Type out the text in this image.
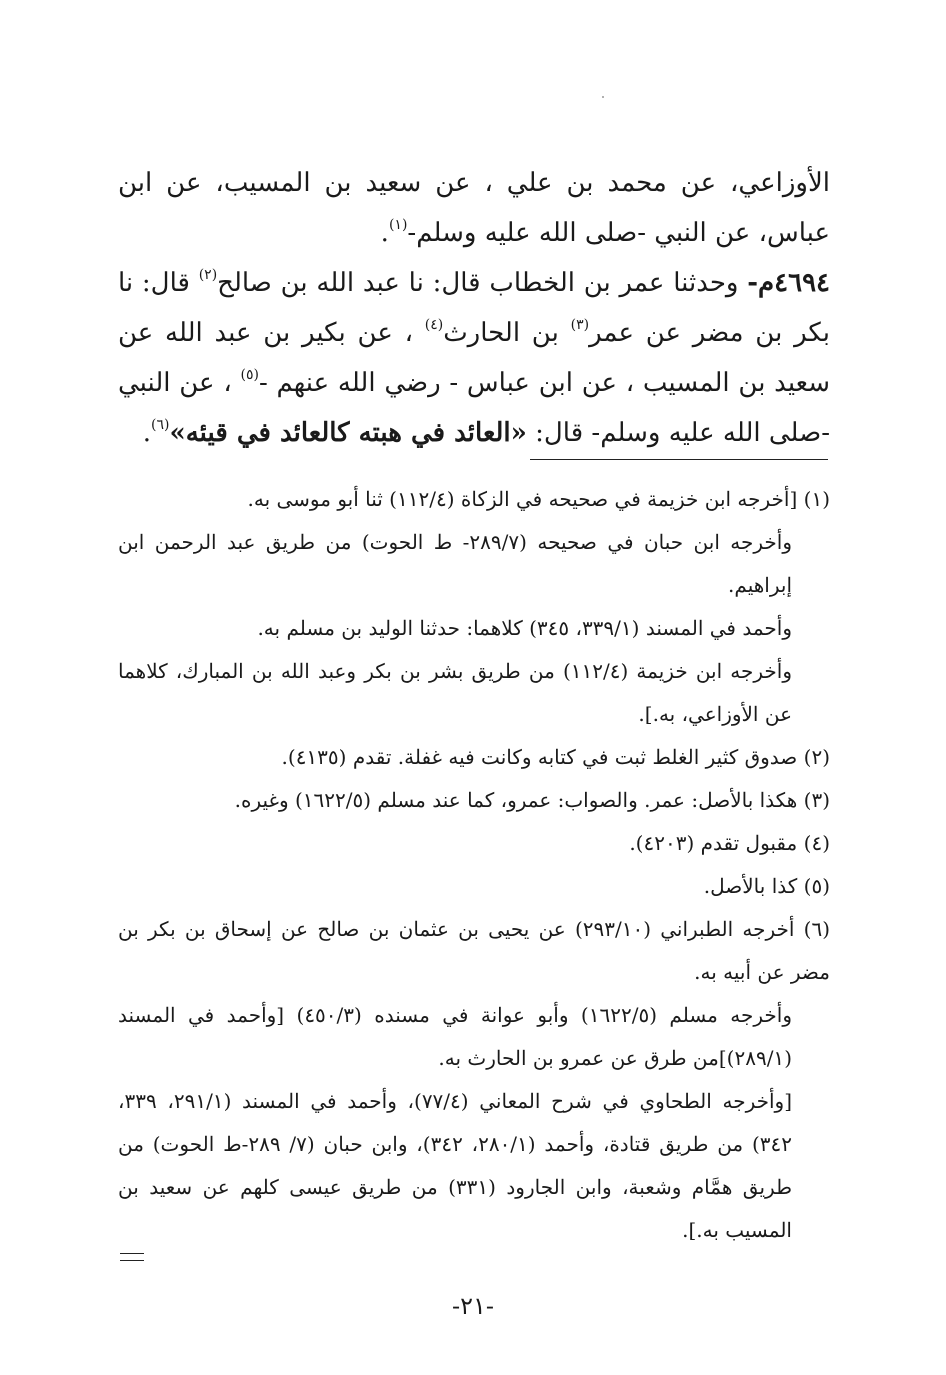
الأوزاعي، عن محمد بن علي ، عن سعيد بن المسيب، عن ابن عباس، عن النبي -صلى الله عليه وسلم-$^{(١)}$.

٤٦٩٤م- وحدثنا عمر بن الخطاب قال: نا عبد الله بن صالح$^{(٢)}$ قال: نا بكر بن مضر عن عمر$^{(٣)}$ بن الحارث$^{(٤)}$ ، عن بكير بن عبد الله عن سعيد بن المسيب ، عن ابن عباس - رضي الله عنهم -$^{(٥)}$ ، عن النبي -صلى الله عليه وسلم- قال: «العائد في هبته كالعائد في قيئه»$^{(٦)}$.

(١) [أخرجه ابن خزيمة في صحيحه في الزكاة (١١٢/٤) ثنا أبو موسى به.

وأخرجه ابن حبان في صحيحه (٢٨٩/٧- ط الحوت) من طريق عبد الرحمن ابن إبراهيم.

وأحمد في المسند (٣٣٩/١، ٣٤٥) كلاهما: حدثنا الوليد بن مسلم به.

وأخرجه ابن خزيمة (١١٢/٤) من طريق بشر بن بكر وعبد الله بن المبارك، كلاهما عن الأوزاعي، به.].

(٢) صدوق كثير الغلط ثبت في كتابه وكانت فيه غفلة. تقدم (٤١٣٥).

(٣) هكذا بالأصل: عمر. والصواب: عمرو، كما عند مسلم (١٦٢٢/٥) وغيره.

(٤) مقبول تقدم (٤٢٠٣).

(٥) كذا بالأصل.

(٦) أخرجه الطبراني (٢٩٣/١٠) عن يحيى بن عثمان بن صالح عن إسحاق بن بكر بن مضر عن أبيه به.

وأخرجه مسلم (١٦٢٢/٥) وأبو عوانة في مسنده (٤٥٠/٣) [وأحمد في المسند (٢٨٩/١)]من طرق عن عمرو بن الحارث به.

[وأخرجه الطحاوي في شرح المعاني (٧٧/٤)، وأحمد في المسند (٢٩١/١، ٣٣٩، ٣٤٢) من طريق قتادة، وأحمد (٢٨٠/١، ٣٤٢)، وابن حبان (٧/ ٢٨٩-ط الحوت) من طريق همَّام وشعبة، وابن الجارود (٣٣١) من طريق عيسى كلهم عن سعيد بن المسيب به.].

-٢١-
